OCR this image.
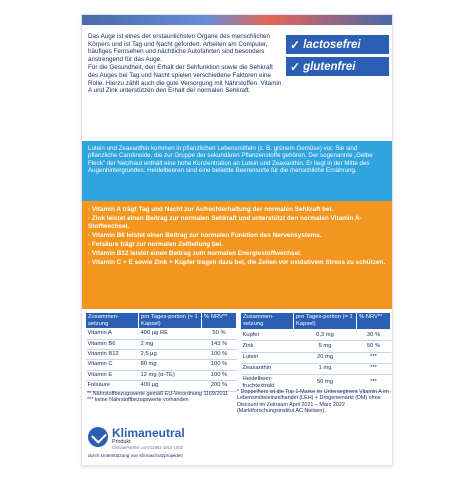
Das Auge ist eines der erstaunlichsten Organe des menschlichen Körpers und ist Tag und Nacht gefordert. Arbeiten am Computer, häufiges Fernsehen und nächtliche Autofahrten sind besonders anstrengend für das Auge.

Für die Gesundheit, den Erhalt der Sehfunktion sowie die Sehkraft des Auges bei Tag und Nacht spielen verschiedene Faktoren eine Rolle. Hierzu zählt auch die gute Versorgung mit Nährstoffen. Vitamin A und Zink unterstützen den Erhalt der normalen Sehkraft.

✓ lactosefrei
✓ glutenfrei
Lutein und Zeaxanthin kommen in pflanzlichen Lebensmitteln (z. B. grünem Gemüse) vor. Sie sind pflanzliche Carotinoide, die zur Gruppe der sekundären Pflanzenstoffe gehören. Der sogenannte „Gelbe Fleck" der Netzhaut enthält eine hohe Konzentration an Lutein und Zeaxanthin. Er liegt in der Mitte des Augenhintergrundes. Heidelbeeren sind eine beliebte Beerensorte für die menschliche Ernährung.
· Vitamin A trägt Tag und Nacht zur Aufrechterhaltung der normalen Sehkraft bei.
· Zink leistet einen Beitrag zur normalen Sehkraft und unterstützt den normalen Vitamin A-Stoffwechsel.
· Vitamin B6 leistet einen Beitrag zur normalen Funktion des Nervensystems.
· Folsäure trägt zur normalen Zellteilung bei.
· Vitamin B12 leistet einen Beitrag zum normalen Energiestoffwechsel.
· Vitamin C + E sowie Zink + Kupfer tragen dazu bei, die Zellen vor oxidativem Stress zu schützen.
Zusammen-setzung	pro Tages-portion (= 1 Kapsel)	% NRV**
Vitamin A	400 µg RE	50 %
Vitamin B6	2 mg	143 %
Vitamin B12	2,5 µg	100 %
Vitamin C	80 mg	100 %
Vitamin E	12 mg (α-TE)	100 %
Folsäure	400 µg	200 %
Zusammen-setzung	pro Tages-portion (= 1 Kapsel)	% NRV**
Kupfer	0,3 mg	30 %
Zink	5 mg	50 %
Lutein	20 mg	***
Zeaxanthin	1 mg	***
Heidelbeer-fruchtextrakt	50 mg	***
** Nährstoffbezugswerte gemäß EU-Verordnung 1169/2011
*** keine Nährstoffbezugswerte vorhanden
* Doppelherz ist die Top 1-Marke im Untersegment Vitamin A im Lebensmitteleinzelhandel (LEH) + Drogeriemarkt (DM) ohne Discount im Zeitraum April 2021 – März 2022 (Marktforschungsinstitut AC Nielsen).
Klimaneutral
Produkt
ClimatePartner.com/12961-1910-1002
durch Unterstützung von Klimaschutzprojekten
